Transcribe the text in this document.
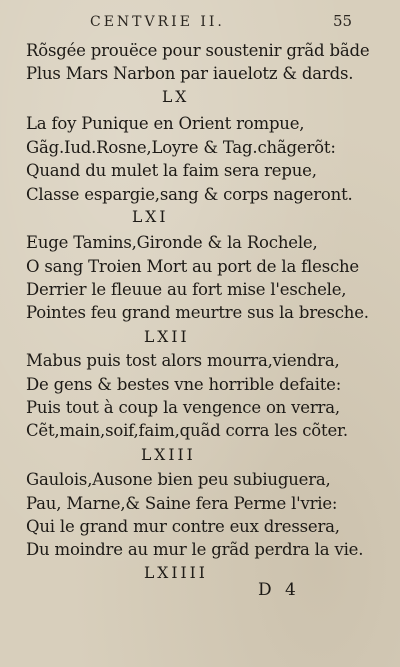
CENTVRIE II.	55
Rõsgée prouëce pour soustenir grãd bãde
Plus Mars Narbon par iauelotz & dards.
LX
La foy Punique en Orient rompue,
Gãg.Iud.Rosne,Loyre & Tag.chãgerõt:
Quand du mulet la faim sera repue,
Classe espargie,sang & corps nageront.
LXI
Euge Tamins,Gironde & la Rochele,
O sang Troien Mort au port de la flesche
Derrier le fleuue au fort mise l'eschele,
Pointes feu grand meurtre sus la bresche.
LXII
Mabus puis tost alors mourra,viendra,
De gens & bestes vne horrible defaite:
Puis tout à coup la vengence on verra,
Cẽt,main,soif,faim,quãd corra les cõter.
LXIII
Gaulois,Ausone bien peu subiuguera,
Pau, Marne,& Saine fera Perme l'vrie:
Qui le grand mur contre eux dressera,
Du moindre au mur le grãd perdra la vie.
LXIIII
D 4
